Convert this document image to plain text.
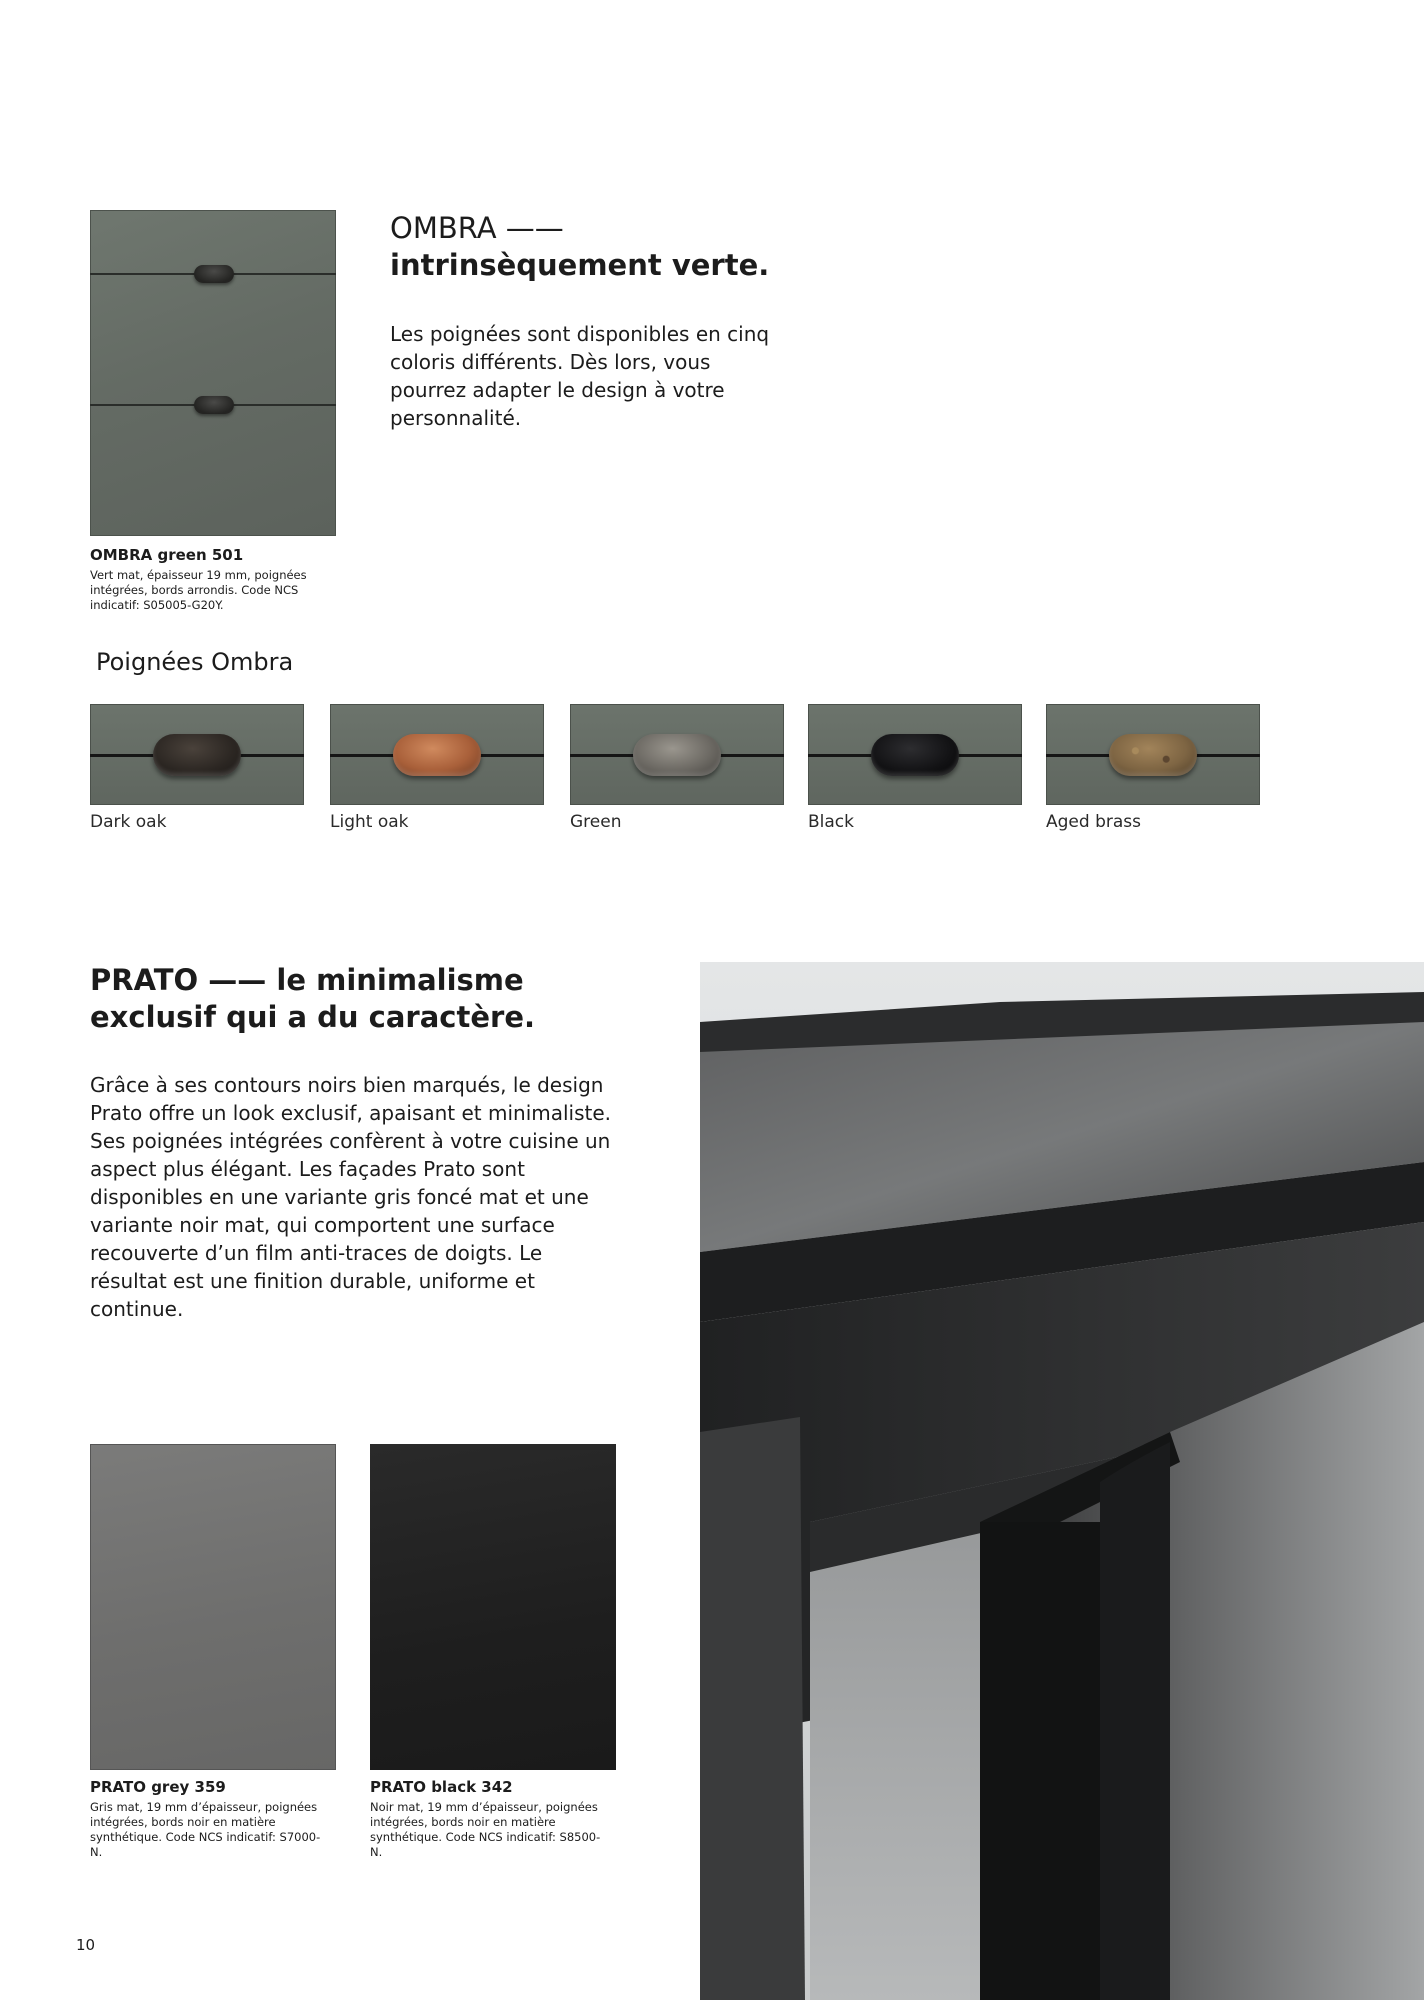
OMBRA ——
intrinsèquement verte.
Les poignées sont disponibles en cinq coloris différents. Dès lors, vous pourrez adapter le design à votre personnalité.
OMBRA green 501
Vert mat, épaisseur 19 mm, poignées intégrées, bords arrondis. Code NCS indicatif: S05005-G20Y.
Poignées Ombra
Dark oak	Light oak	Green	Black	Aged brass
PRATO —— le minimalisme exclusif qui a du caractère.
Grâce à ses contours noirs bien marqués, le design Prato offre un look exclusif, apaisant et minimaliste. Ses poignées intégrées confèrent à votre cuisine un aspect plus élégant. Les façades Prato sont disponibles en une variante gris foncé mat et une variante noir mat, qui comportent une surface recouverte d’un film anti-traces de doigts. Le résultat est une finition durable, uniforme et continue.
PRATO grey 359
Gris mat, 19 mm d’épaisseur, poignées intégrées, bords noir en matière synthétique. Code NCS indicatif: S7000-N.
PRATO black 342
Noir mat, 19 mm d’épaisseur, poignées intégrées, bords noir en matière synthétique. Code NCS indicatif: S8500-N.
10
